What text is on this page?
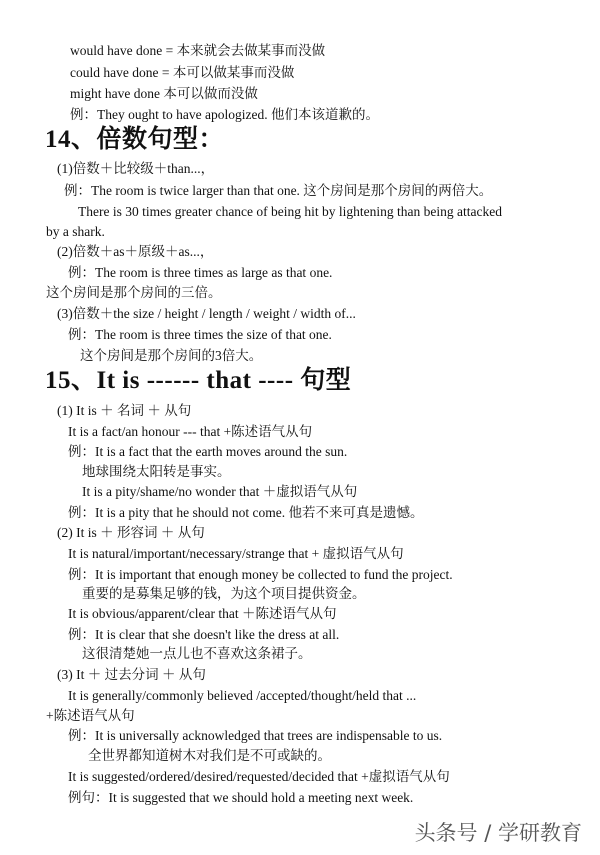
would have done = 本来就会去做某事而没做
could have done = 本可以做某事而没做
might have done 本可以做而没做
例：They ought to have apologized. 他们本该道歉的。
14、倍数句型：
(1)倍数＋比较级＋than...，
例：The room is twice larger than that one. 这个房间是那个房间的两倍大。
There is 30 times greater chance of being hit by lightening than being attacked
by a shark.
(2)倍数＋as＋原级＋as...，
例：The room is three times as large as that one.
这个房间是那个房间的三倍。
(3)倍数＋the size / height / length / weight / width of...
例：The room is three times the size of that one.
这个房间是那个房间的3倍大。
15、It is ------ that ---- 句型
(1) It is ＋ 名词 ＋ 从句
It is a fact/an honour --- that +陈述语气从句
例：It is a fact that the earth moves around the sun.
地球围绕太阳转是事实。
It is a pity/shame/no wonder that ＋虚拟语气从句
例：It is a pity that he should not come. 他若不来可真是遗憾。
(2) It is ＋ 形容词 ＋ 从句
It is natural/important/necessary/strange that + 虚拟语气从句
例：It is important that enough money be collected to fund the project.
重要的是募集足够的钱，为这个项目提供资金。
It is obvious/apparent/clear that ＋陈述语气从句
例：It is clear that she doesn't like the dress at all.
这很清楚她一点儿也不喜欢这条裙子。
(3) It ＋ 过去分词 ＋ 从句
It is generally/commonly believed /accepted/thought/held that ...
+陈述语气从句
例：It is universally acknowledged that trees are indispensable to us.
全世界都知道树木对我们是不可或缺的。
It is suggested/ordered/desired/requested/decided that +虚拟语气从句
例句：It is suggested that we should hold a meeting next week.
头条号 / 学研教育
